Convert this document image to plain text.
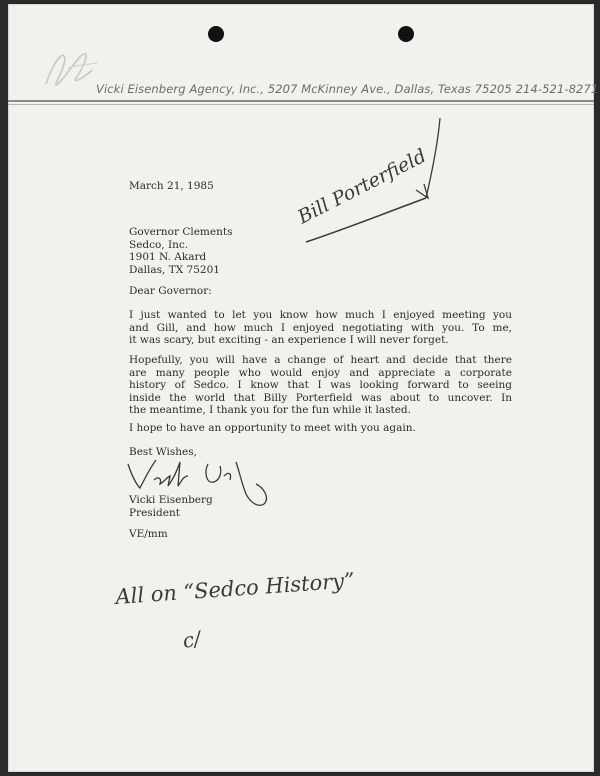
Vicki Eisenberg Agency, Inc., 5207 McKinney Ave., Dallas, Texas 75205 214-521-8271
March 21, 1985
Governor Clements
Sedco, Inc.
1901 N. Akard
Dallas, TX 75201
Dear Governor:
I just wanted to let you know how much I enjoyed meeting you
and Gill, and how much I enjoyed negotiating with you. To me,
it was scary, but exciting - an experience I will never forget.
Hopefully, you will have a change of heart and decide that there
are many people who would enjoy and appreciate a corporate
history of Sedco. I know that I was looking forward to seeing
inside the world that Billy Porterfield was about to uncover. In
the meantime, I thank you for the fun while it lasted.
I hope to have an opportunity to meet with you again.
Best Wishes,
Vicki Eisenberg
President
VE/mm
Bill Porterfield
All on “Sedco History”
c/
